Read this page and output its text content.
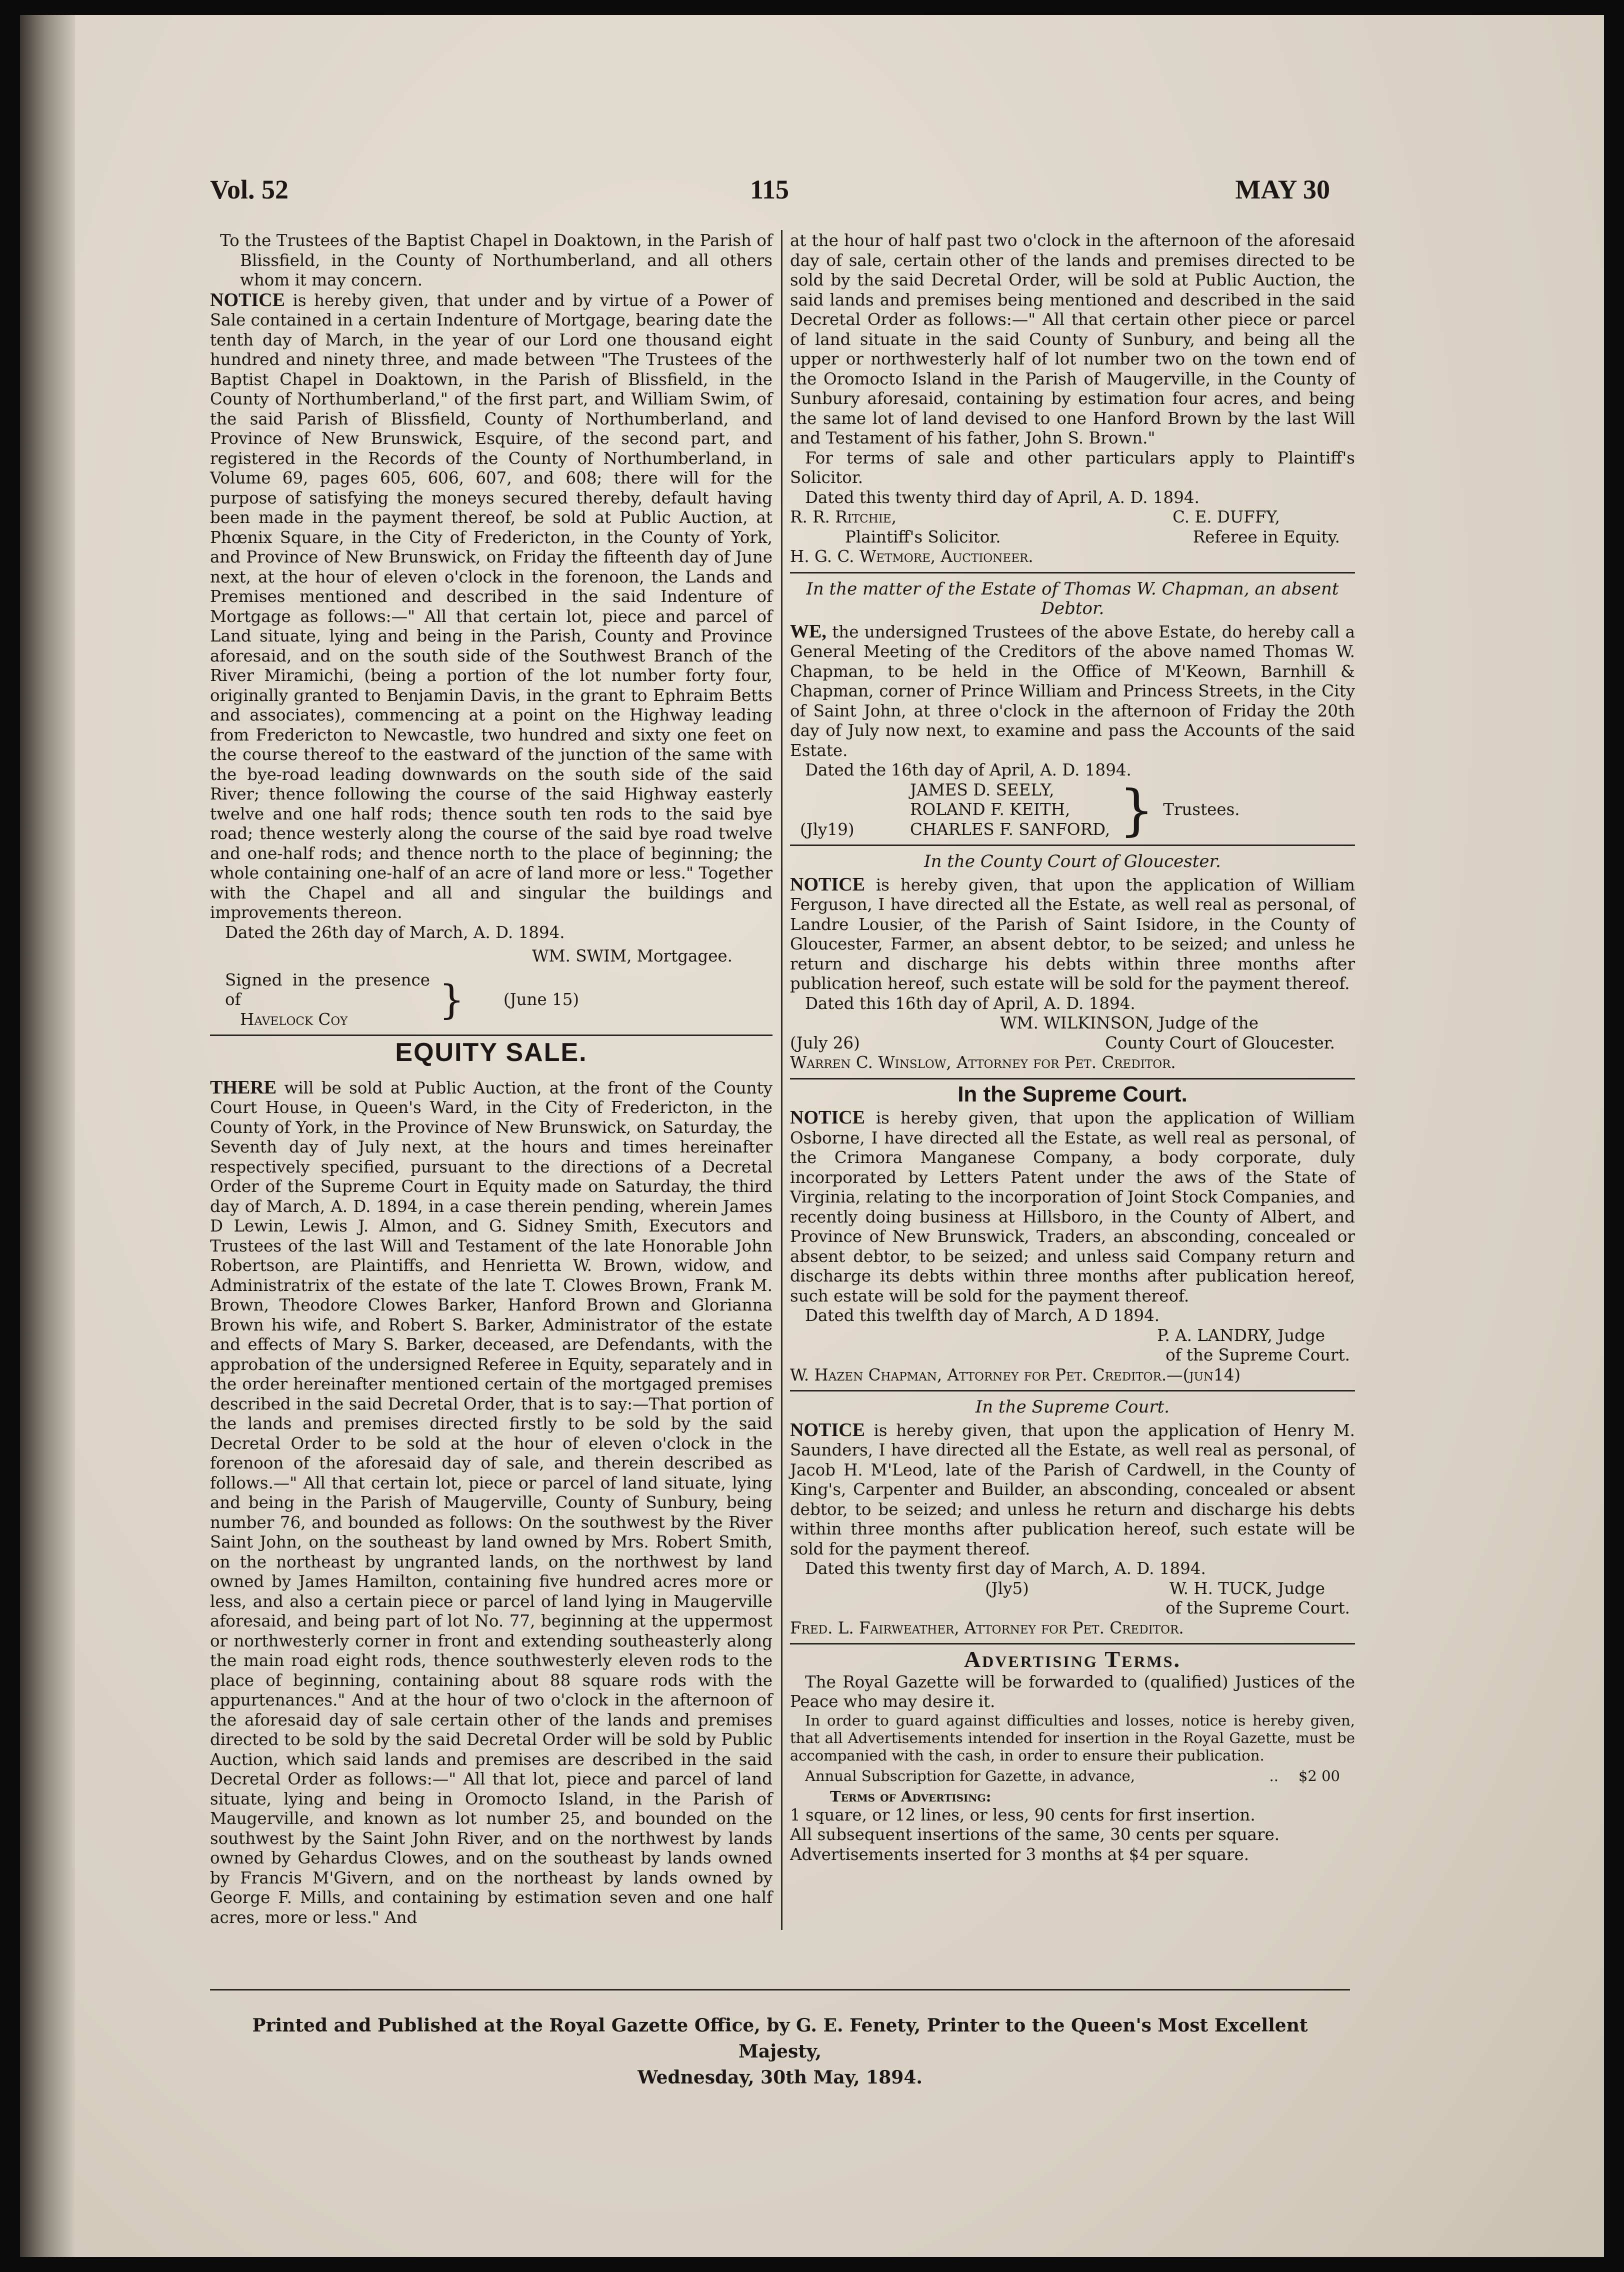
Vol. 52	115	MAY 30

To the Trustees of the Baptist Chapel in Doaktown, in the Parish of Blissfield, in the County of Northumberland, and all others whom it may concern.

NOTICE is hereby given, that under and by virtue of a Power of Sale contained in a certain Indenture of Mortgage, bearing date the tenth day of March, in the year of our Lord one thousand eight hundred and ninety three, and made between "The Trustees of the Baptist Chapel in Doaktown, in the Parish of Blissfield, in the County of Northumberland," of the first part, and William Swim, of the said Parish of Blissfield, County of Northumberland, and Province of New Brunswick, Esquire, of the second part, and registered in the Records of the County of Northumberland, in Volume 69, pages 605, 606, 607, and 608; there will for the purpose of satisfying the moneys secured thereby, default having been made in the payment thereof, be sold at Public Auction, at Phœnix Square, in the City of Fredericton, in the County of York, and Province of New Brunswick, on Friday the fifteenth day of June next, at the hour of eleven o'clock in the forenoon, the Lands and Premises mentioned and described in the said Indenture of Mortgage as follows:—" All that certain lot, piece and parcel of Land situate, lying and being in the Parish, County and Province aforesaid, and on the south side of the Southwest Branch of the River Miramichi, (being a portion of the lot number forty four, originally granted to Benjamin Davis, in the grant to Ephraim Betts and associates), commencing at a point on the Highway leading from Fredericton to Newcastle, two hundred and sixty one feet on the course thereof to the eastward of the junction of the same with the bye-road leading downwards on the south side of the said River; thence following the course of the said Highway easterly twelve and one half rods; thence south ten rods to the said bye road; thence westerly along the course of the said bye road twelve and one-half rods; and thence north to the place of beginning; the whole containing one-half of an acre of land more or less." Together with the Chapel and all and singular the buildings and improvements thereon.

Dated the 26th day of March, A. D. 1894.

WM. SWIM, Mortgagee.

Signed in the presence of

Havelock Coy	} (June 15)

EQUITY SALE.

THERE will be sold at Public Auction, at the front of the County Court House, in Queen's Ward, in the City of Fredericton, in the County of York, in the Province of New Brunswick, on Saturday, the Seventh day of July next, at the hours and times hereinafter respectively specified, pursuant to the directions of a Decretal Order of the Supreme Court in Equity made on Saturday, the third day of March, A. D. 1894, in a case therein pending, wherein James D Lewin, Lewis J. Almon, and G. Sidney Smith, Executors and Trustees of the last Will and Testament of the late Honorable John Robertson, are Plaintiffs, and Henrietta W. Brown, widow, and Administratrix of the estate of the late T. Clowes Brown, Frank M. Brown, Theodore Clowes Barker, Hanford Brown and Glorianna Brown his wife, and Robert S. Barker, Administrator of the estate and effects of Mary S. Barker, deceased, are Defendants, with the approbation of the undersigned Referee in Equity, separately and in the order hereinafter mentioned certain of the mortgaged premises described in the said Decretal Order, that is to say:—That portion of the lands and premises directed firstly to be sold by the said Decretal Order to be sold at the hour of eleven o'clock in the forenoon of the aforesaid day of sale, and therein described as follows.—" All that certain lot, piece or parcel of land situate, lying and being in the Parish of Maugerville, County of Sunbury, being number 76, and bounded as follows: On the southwest by the River Saint John, on the southeast by land owned by Mrs. Robert Smith, on the northeast by ungranted lands, on the northwest by land owned by James Hamilton, containing five hundred acres more or less, and also a certain piece or parcel of land lying in Maugerville aforesaid, and being part of lot No. 77, beginning at the uppermost or northwesterly corner in front and extending southeasterly along the main road eight rods, thence southwesterly eleven rods to the place of beginning, containing about 88 square rods with the appurtenances." And at the hour of two o'clock in the afternoon of the aforesaid day of sale certain other of the lands and premises directed to be sold by the said Decretal Order will be sold by Public Auction, which said lands and premises are described in the said Decretal Order as follows:—" All that lot, piece and parcel of land situate, lying and being in Oromocto Island, in the Parish of Maugerville, and known as lot number 25, and bounded on the southwest by the Saint John River, and on the northwest by lands owned by Gehardus Clowes, and on the southeast by lands owned by Francis M'Givern, and on the northeast by lands owned by George F. Mills, and containing by estimation seven and one half acres, more or less." And

at the hour of half past two o'clock in the afternoon of the aforesaid day of sale, certain other of the lands and premises directed to be sold by the said Decretal Order, will be sold at Public Auction, the said lands and premises being mentioned and described in the said Decretal Order as follows:—" All that certain other piece or parcel of land situate in the said County of Sunbury, and being all the upper or northwesterly half of lot number two on the town end of the Oromocto Island in the Parish of Maugerville, in the County of Sunbury aforesaid, containing by estimation four acres, and being the same lot of land devised to one Hanford Brown by the last Will and Testament of his father, John S. Brown."

For terms of sale and other particulars apply to Plaintiff's Solicitor.

Dated this twenty third day of April, A. D. 1894.

R. R. Ritchie,	C. E. DUFFY,
Plaintiff's Solicitor.	Referee in Equity.

H. G. C. Wetmore, Auctioneer.

In the matter of the Estate of Thomas W. Chapman, an absent Debtor.

WE, the undersigned Trustees of the above Estate, do hereby call a General Meeting of the Creditors of the above named Thomas W. Chapman, to be held in the Office of M'Keown, Barnhill & Chapman, corner of Prince William and Princess Streets, in the City of Saint John, at three o'clock in the afternoon of Friday the 20th day of July now next, to examine and pass the Accounts of the said Estate.

Dated the 16th day of April, A. D. 1894.

(Jly19)

JAMES D. SEELY,

ROLAND F. KEITH,

CHARLES F. SANFORD, } Trustees.

In the County Court of Gloucester.

NOTICE is hereby given, that upon the application of William Ferguson, I have directed all the Estate, as well real as personal, of Landre Lousier, of the Parish of Saint Isidore, in the County of Gloucester, Farmer, an absent debtor, to be seized; and unless he return and discharge his debts within three months after publication hereof, such estate will be sold for the payment thereof.

Dated this 16th day of April, A. D. 1894.

WM. WILKINSON, Judge of the

(July 26)	County Court of Gloucester.

Warren C. Winslow, Attorney for Pet. Creditor.

In the Supreme Court.

NOTICE is hereby given, that upon the application of William Osborne, I have directed all the Estate, as well real as personal, of the Crimora Manganese Company, a body corporate, duly incorporated by Letters Patent under the aws of the State of Virginia, relating to the incorporation of Joint Stock Companies, and recently doing business at Hillsboro, in the County of Albert, and Province of New Brunswick, Traders, an absconding, concealed or absent debtor, to be seized; and unless said Company return and discharge its debts within three months after publication hereof, such estate will be sold for the payment thereof.

Dated this twelfth day of March, A D 1894.

P. A. LANDRY, Judge

of the Supreme Court.

W. Hazen Chapman, Attorney for Pet. Creditor.—(jun14)

In the Supreme Court.

NOTICE is hereby given, that upon the application of Henry M. Saunders, I have directed all the Estate, as well real as personal, of Jacob H. M'Leod, late of the Parish of Cardwell, in the County of King's, Carpenter and Builder, an absconding, concealed or absent debtor, to be seized; and unless he return and discharge his debts within three months after publication hereof, such estate will be sold for the payment thereof.

Dated this twenty first day of March, A. D. 1894.

(Jly5)	W. H. TUCK, Judge

of the Supreme Court.

Fred. L. Fairweather, Attorney for Pet. Creditor.

Advertising Terms.

The Royal Gazette will be forwarded to (qualified) Justices of the Peace who may desire it.

In order to guard against difficulties and losses, notice is hereby given, that all Advertisements intended for insertion in the Royal Gazette, must be accompanied with the cash, in order to ensure their publication.

Annual Subscription for Gazette, in advance,	.. $2 00

Terms of Advertising:

1 square, or 12 lines, or less, 90 cents for first insertion.

All subsequent insertions of the same, 30 cents per square.

Advertisements inserted for 3 months at $4 per square.

Printed and Published at the Royal Gazette Office, by G. E. Fenety, Printer to the Queen's Most Excellent Majesty,

Wednesday, 30th May, 1894.
